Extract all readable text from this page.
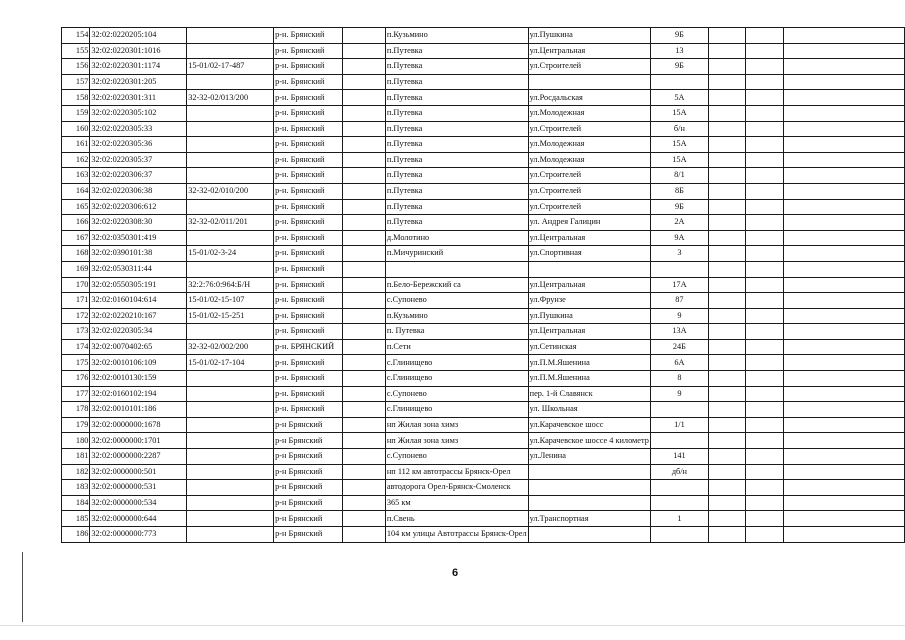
154	32:02:0220205:104		р-н. Брянский		п.Кузьмино	ул.Пушкина	9Б			
155	32:02:0220301:1016		р-н. Брянский		п.Путевка	ул.Центральная	13			
156	32:02:0220301:1174	15-01/02-17-487	р-н. Брянский		п.Путевка	ул.Строителей	9Б			
157	32:02:0220301:205		р-н. Брянский		п.Путевка					
158	32:02:0220301:311	32-32-02/013/200	р-н. Брянский		п.Путевка	ул.Роcдальская	5А			
159	32:02:0220305:102		р-н. Брянский		п.Путевка	ул.Молодежная	15А			
160	32:02:0220305:33		р-н. Брянский		п.Путевка	ул.Строителей	б/н			
161	32:02:0220305:36		р-н. Брянский		п.Путевка	ул.Молодежная	15А			
162	32:02:0220305:37		р-н. Брянский		п.Путевка	ул.Молодежная	15А			
163	32:02:0220306:37		р-н. Брянский		п.Путевка	ул.Строителей	8/1			
164	32:02:0220306:38	32-32-02/010/200	р-н. Брянский		п.Путевка	ул.Строителей	8Б			
165	32:02:0220306:612		р-н. Брянский		п.Путевка	ул.Строителей	9Б			
166	32:02:0220308:30	32-32-02/011/201	р-н. Брянский		п.Путевка	ул. Андрея Галицин	2А			
167	32:02:0350301:419		р-н. Брянский		д.Молотино	ул.Центральная	9А			
168	32:02:0390101:38	15-01/02-3-24	р-н. Брянский		п.Мичуринский	ул.Спортивная	3			
169	32:02:0530311:44		р-н. Брянский							
170	32:02:0550305:191	32:2:76:0:964:Б/Н	р-н. Брянский		п.Бело-Бережский са	ул.Центральная	17А			
171	32:02:0160104:614	15-01/02-15-107	р-н. Брянский		с.Супонево	ул.Фрунзе	87			
172	32:02:0220210:167	15-01/02-15-251	р-н. Брянский		п.Кузьмино	ул.Пушкина	9			
173	32:02:0220305:34		р-н. Брянский		п. Путевка	ул.Центральная	13А			
174	32:02:0070402:65	32-32-02/002/200	р-н. БРЯНСКИЙ		п.Сети	ул.Сетинская	24Б			
175	32:02:0010106:109	15-01/02-17-104	р-н. Брянский		с.Глинищево	ул.П.М.Яшенина	6А			
176	32:02:0010130:159		р-н. Брянский		с.Глинищево	ул.П.М.Яшенина	8			
177	32:02:0160102:194		р-н. Брянский		с.Супонево	пер. 1-й Славянск	9			
178	32:02:0010101:186		р-н. Брянский		с.Глинищево	ул. Школьная				
179	32:02:0000000:1678		р-н Брянский		нп Жилая зона химз	ул.Карачевское шосс	1/1			
180	32:02:0000000:1701		р-н Брянский		нп Жилая зона химз	ул.Карачевское шоссе 4 километр				
181	32:02:0000000:2287		р-н Брянский		с.Супонево	ул.Ленина	141			
182	32:02:0000000:501		р-н Брянский		нп 112 км автотрассы Брянск-Орел		дб/н			
183	32:02:0000000:531		р-н Брянский		автодорога Орел-Брянск-Смоленск					
184	32:02:0000000:534		р-н Брянский		365 км					
185	32:02:0000000:644		р-н Брянский		п.Свень	ул.Транспортная	1			
186	32:02:0000000:773		р-н Брянский		104 км улицы Автотрассы Брянск-Орел					
6
